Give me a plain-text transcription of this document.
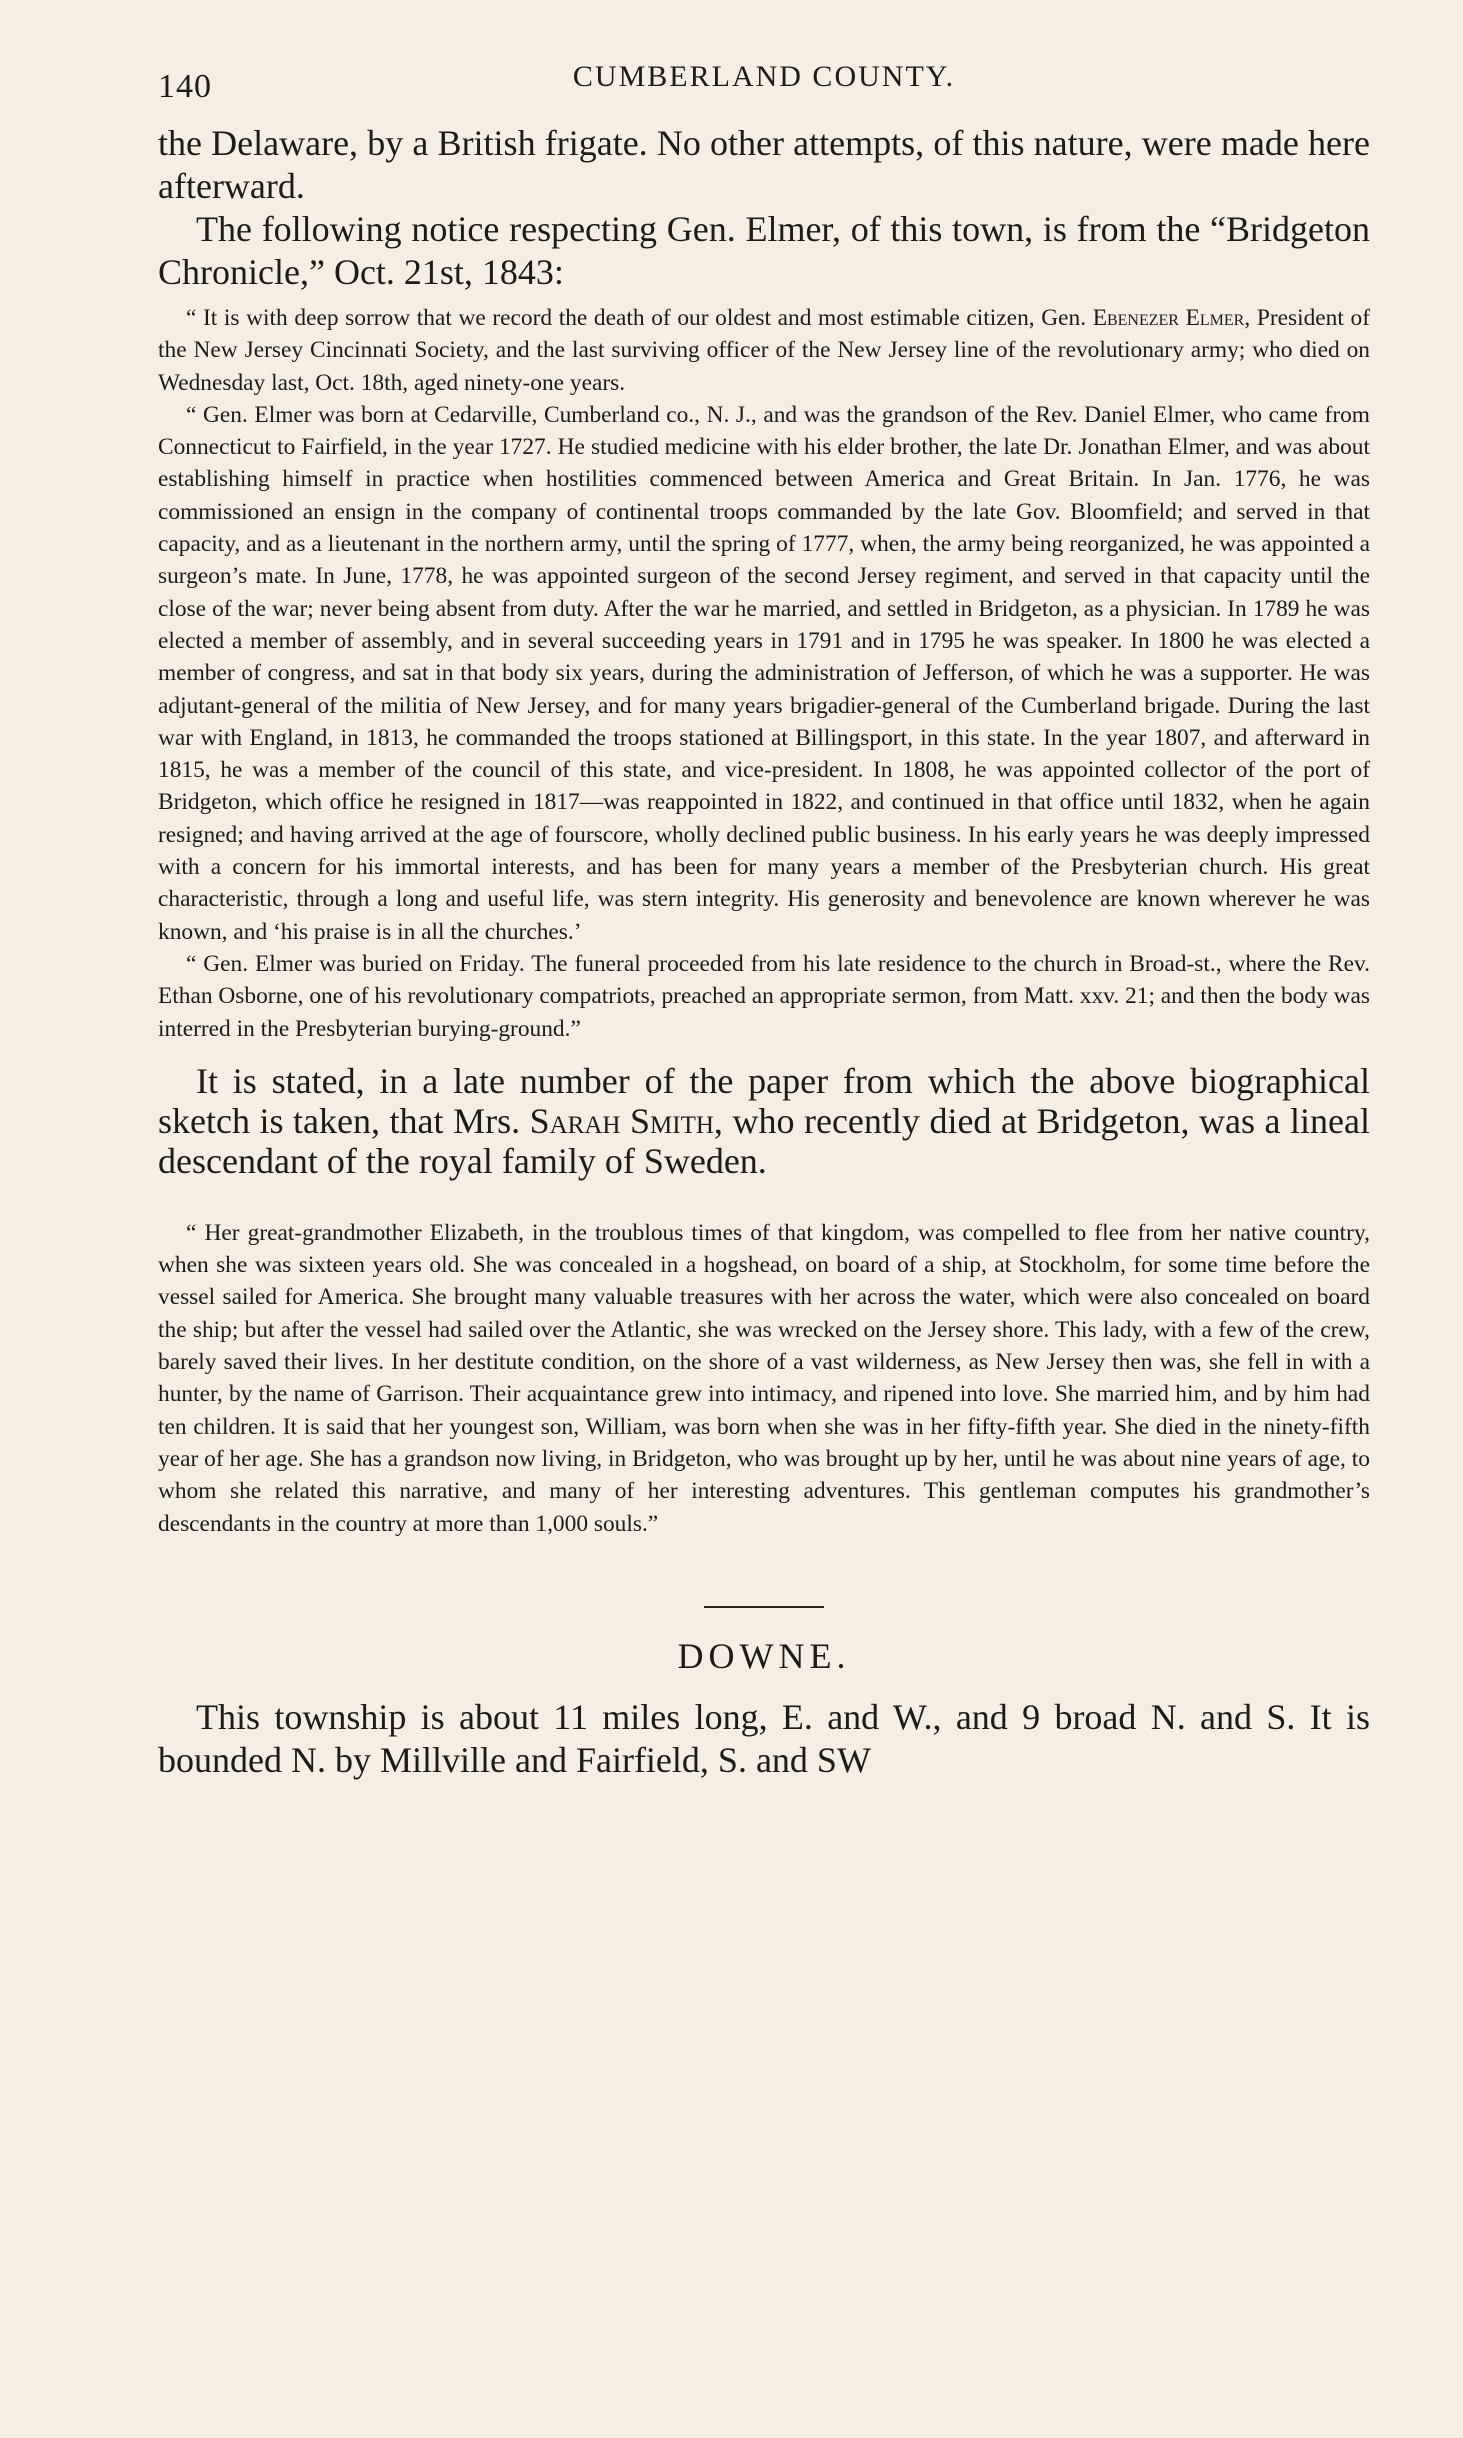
140	CUMBERLAND COUNTY.

the Delaware, by a British frigate. No other attempts, of this nature, were made here afterward.

The following notice respecting Gen. Elmer, of this town, is from the “Bridgeton Chronicle,” Oct. 21st, 1843:

“ It is with deep sorrow that we record the death of our oldest and most estimable citizen, Gen. Ebenezer Elmer, President of the New Jersey Cincinnati Society, and the last surviving officer of the New Jersey line of the revolutionary army; who died on Wednesday last, Oct. 18th, aged ninety-one years.

“ Gen. Elmer was born at Cedarville, Cumberland co., N. J., and was the grandson of the Rev. Daniel Elmer, who came from Connecticut to Fairfield, in the year 1727. He studied medicine with his elder brother, the late Dr. Jonathan Elmer, and was about establishing himself in practice when hostilities commenced between America and Great Britain. In Jan. 1776, he was commissioned an ensign in the company of continental troops commanded by the late Gov. Bloomfield; and served in that capacity, and as a lieutenant in the northern army, until the spring of 1777, when, the army being reorganized, he was appointed a surgeon’s mate. In June, 1778, he was appointed surgeon of the second Jersey regiment, and served in that capacity until the close of the war; never being absent from duty. After the war he married, and settled in Bridgeton, as a physician. In 1789 he was elected a member of assembly, and in several succeeding years in 1791 and in 1795 he was speaker. In 1800 he was elected a member of congress, and sat in that body six years, during the administration of Jefferson, of which he was a supporter. He was adjutant-general of the militia of New Jersey, and for many years brigadier-general of the Cumberland brigade. During the last war with England, in 1813, he commanded the troops stationed at Billingsport, in this state. In the year 1807, and afterward in 1815, he was a member of the council of this state, and vice-president. In 1808, he was appointed collector of the port of Bridgeton, which office he resigned in 1817—was reappointed in 1822, and continued in that office until 1832, when he again resigned; and having arrived at the age of fourscore, wholly declined public business. In his early years he was deeply impressed with a concern for his immortal interests, and has been for many years a member of the Presbyterian church. His great characteristic, through a long and useful life, was stern integrity. His generosity and benevolence are known wherever he was known, and ‘his praise is in all the churches.’

“ Gen. Elmer was buried on Friday. The funeral proceeded from his late residence to the church in Broad-st., where the Rev. Ethan Osborne, one of his revolutionary compatriots, preached an appropriate sermon, from Matt. xxv. 21; and then the body was interred in the Presbyterian burying-ground.”

It is stated, in a late number of the paper from which the above biographical sketch is taken, that Mrs. Sarah Smith, who recently died at Bridgeton, was a lineal descendant of the royal family of Sweden.

“ Her great-grandmother Elizabeth, in the troublous times of that kingdom, was compelled to flee from her native country, when she was sixteen years old. She was concealed in a hogshead, on board of a ship, at Stockholm, for some time before the vessel sailed for America. She brought many valuable treasures with her across the water, which were also concealed on board the ship; but after the vessel had sailed over the Atlantic, she was wrecked on the Jersey shore. This lady, with a few of the crew, barely saved their lives. In her destitute condition, on the shore of a vast wilderness, as New Jersey then was, she fell in with a hunter, by the name of Garrison. Their acquaintance grew into intimacy, and ripened into love. She married him, and by him had ten children. It is said that her youngest son, William, was born when she was in her fifty-fifth year. She died in the ninety-fifth year of her age. She has a grandson now living, in Bridgeton, who was brought up by her, until he was about nine years of age, to whom she related this narrative, and many of her interesting adventures. This gentleman computes his grandmother’s descendants in the country at more than 1,000 souls.”

DOWNE.

This township is about 11 miles long, E. and W., and 9 broad N. and S. It is bounded N. by Millville and Fairfield, S. and SW
